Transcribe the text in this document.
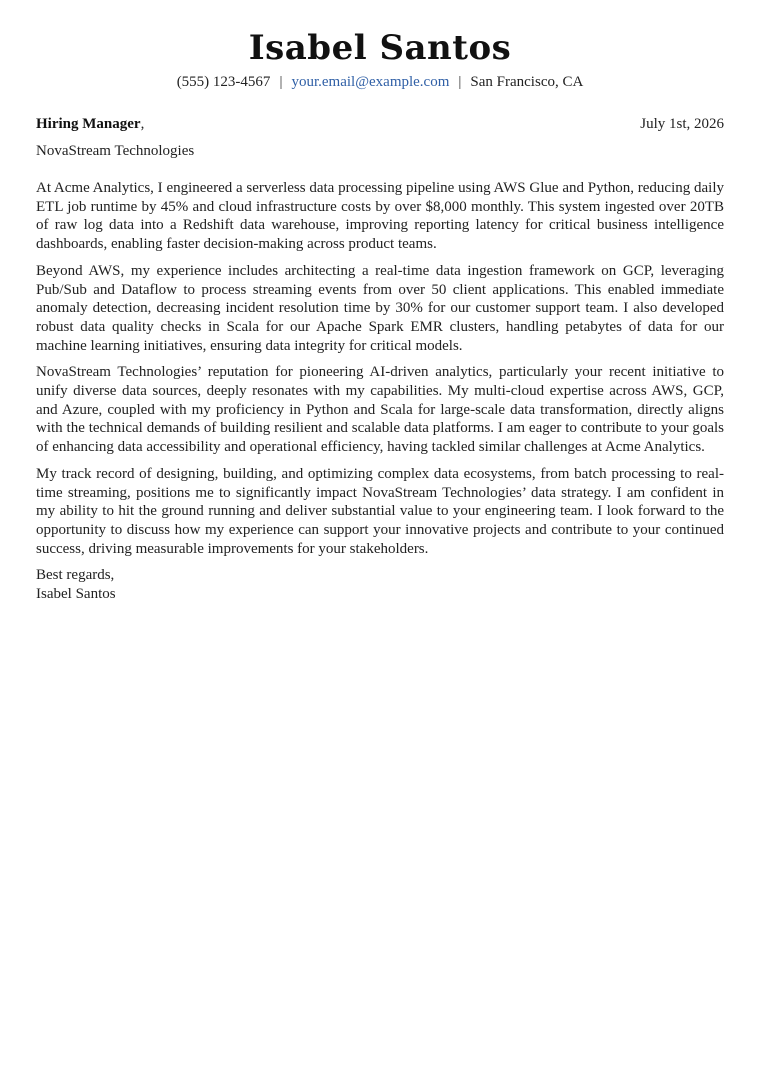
Isabel Santos
(555) 123-4567 | your.email@example.com | San Francisco, CA
Hiring Manager,	July 1st, 2026
NovaStream Technologies

At Acme Analytics, I engineered a serverless data processing pipeline using AWS Glue and Python, reducing daily ETL job runtime by 45% and cloud infrastructure costs by over $8,000 monthly. This system ingested over 20TB of raw log data into a Redshift data warehouse, improving reporting latency for critical business intelligence dashboards, enabling faster decision-making across product teams.

Beyond AWS, my experience includes architecting a real-time data ingestion framework on GCP, leveraging Pub/Sub and Dataflow to process streaming events from over 50 client applications. This enabled immediate anomaly detection, decreasing incident resolution time by 30% for our customer support team. I also developed robust data quality checks in Scala for our Apache Spark EMR clusters, handling petabytes of data for our machine learning initiatives, ensuring data integrity for critical models.

NovaStream Technologies’ reputation for pioneering AI-driven analytics, particularly your recent initiative to unify diverse data sources, deeply resonates with my capabilities. My multi-cloud expertise across AWS, GCP, and Azure, coupled with my proficiency in Python and Scala for large-scale data transformation, directly aligns with the technical demands of building resilient and scalable data platforms. I am eager to contribute to your goals of enhancing data accessibility and operational efficiency, having tackled similar challenges at Acme Analytics.

My track record of designing, building, and optimizing complex data ecosystems, from batch processing to real-time streaming, positions me to significantly impact NovaStream Technologies’ data strategy. I am confident in my ability to hit the ground running and deliver substantial value to your engineering team. I look forward to the opportunity to discuss how my experience can support your innovative projects and contribute to your continued success, driving measurable improvements for your stakeholders.

Best regards,
Isabel Santos
